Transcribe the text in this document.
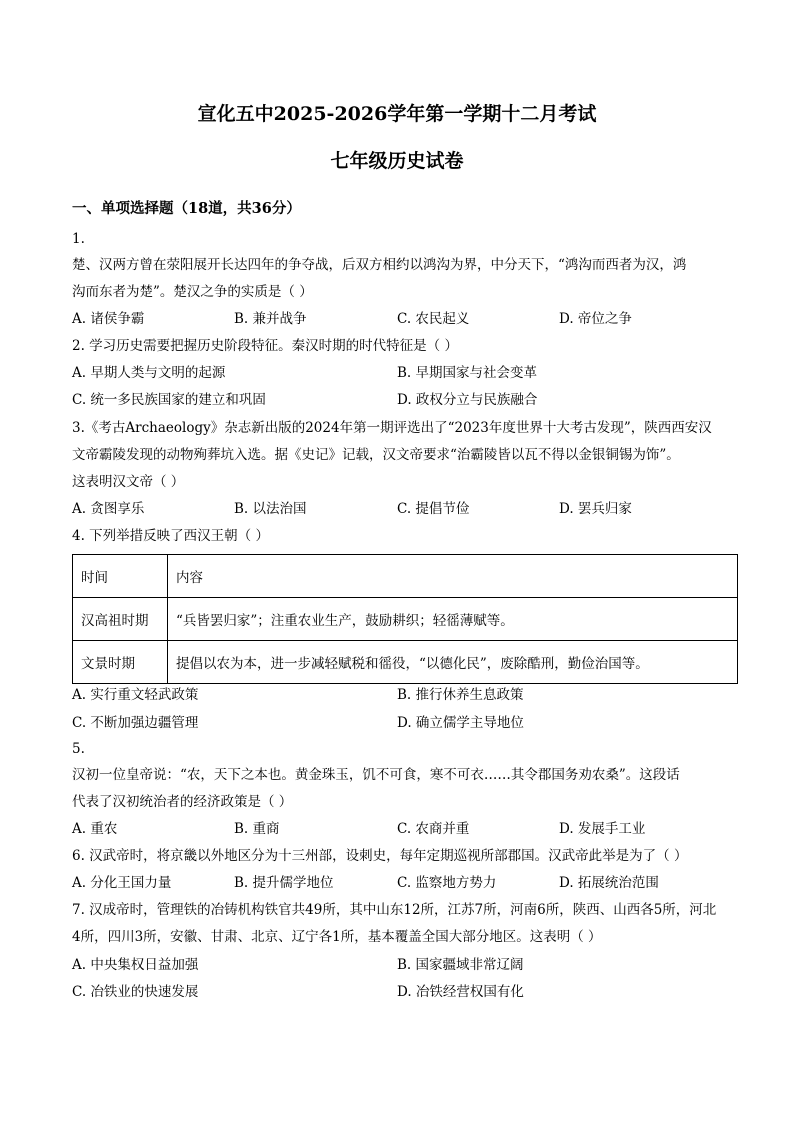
宣化五中2025-2026学年第一学期十二月考试
七年级历史试卷
一、单项选择题（18道，共36分）
1.
楚、汉两方曾在荥阳展开长达四年的争夺战，后双方相约以鸿沟为界，中分天下，“鸿沟而西者为汉，鸿
沟而东者为楚”。楚汉之争的实质是（ ）
A. 诸侯争霸	B. 兼并战争	C. 农民起义	D. 帝位之争
2. 学习历史需要把握历史阶段特征。秦汉时期的时代特征是（ ）
A. 早期人类与文明的起源	B. 早期国家与社会变革
C. 统一多民族国家的建立和巩固	D. 政权分立与民族融合
3.《考古Archaeology》杂志新出版的2024年第一期评选出了“2023年度世界十大考古发现”，陕西西安汉
文帝霸陵发现的动物殉葬坑入选。据《史记》记载，汉文帝要求“治霸陵皆以瓦不得以金银铜锡为饰”。
这表明汉文帝（ ）
A. 贪图享乐	B. 以法治国	C. 提倡节俭	D. 罢兵归家
4. 下列举措反映了西汉王朝（ ）
时间	内容
汉高祖时期	“兵皆罢归家”；注重农业生产，鼓励耕织；轻徭薄赋等。
文景时期	提倡以农为本，进一步减轻赋税和徭役，“以德化民”，废除酷刑，勤俭治国等。
A. 实行重文轻武政策	B. 推行休养生息政策
C. 不断加强边疆管理	D. 确立儒学主导地位
5.
汉初一位皇帝说：“农，天下之本也。黄金珠玉，饥不可食，寒不可衣……其令郡国务劝农桑”。这段话
代表了汉初统治者的经济政策是（ ）
A. 重农	B. 重商	C. 农商并重	D. 发展手工业
6. 汉武帝时，将京畿以外地区分为十三州部，设刺史，每年定期巡视所部郡国。汉武帝此举是为了（ ）
A. 分化王国力量	B. 提升儒学地位	C. 监察地方势力	D. 拓展统治范围
7. 汉成帝时，管理铁的冶铸机构铁官共49所，其中山东12所，江苏7所，河南6所，陕西、山西各5所，河北
4所，四川3所，安徽、甘肃、北京、辽宁各1所，基本覆盖全国大部分地区。这表明（ ）
A. 中央集权日益加强	B. 国家疆域非常辽阔
C. 冶铁业的快速发展	D. 冶铁经营权国有化
